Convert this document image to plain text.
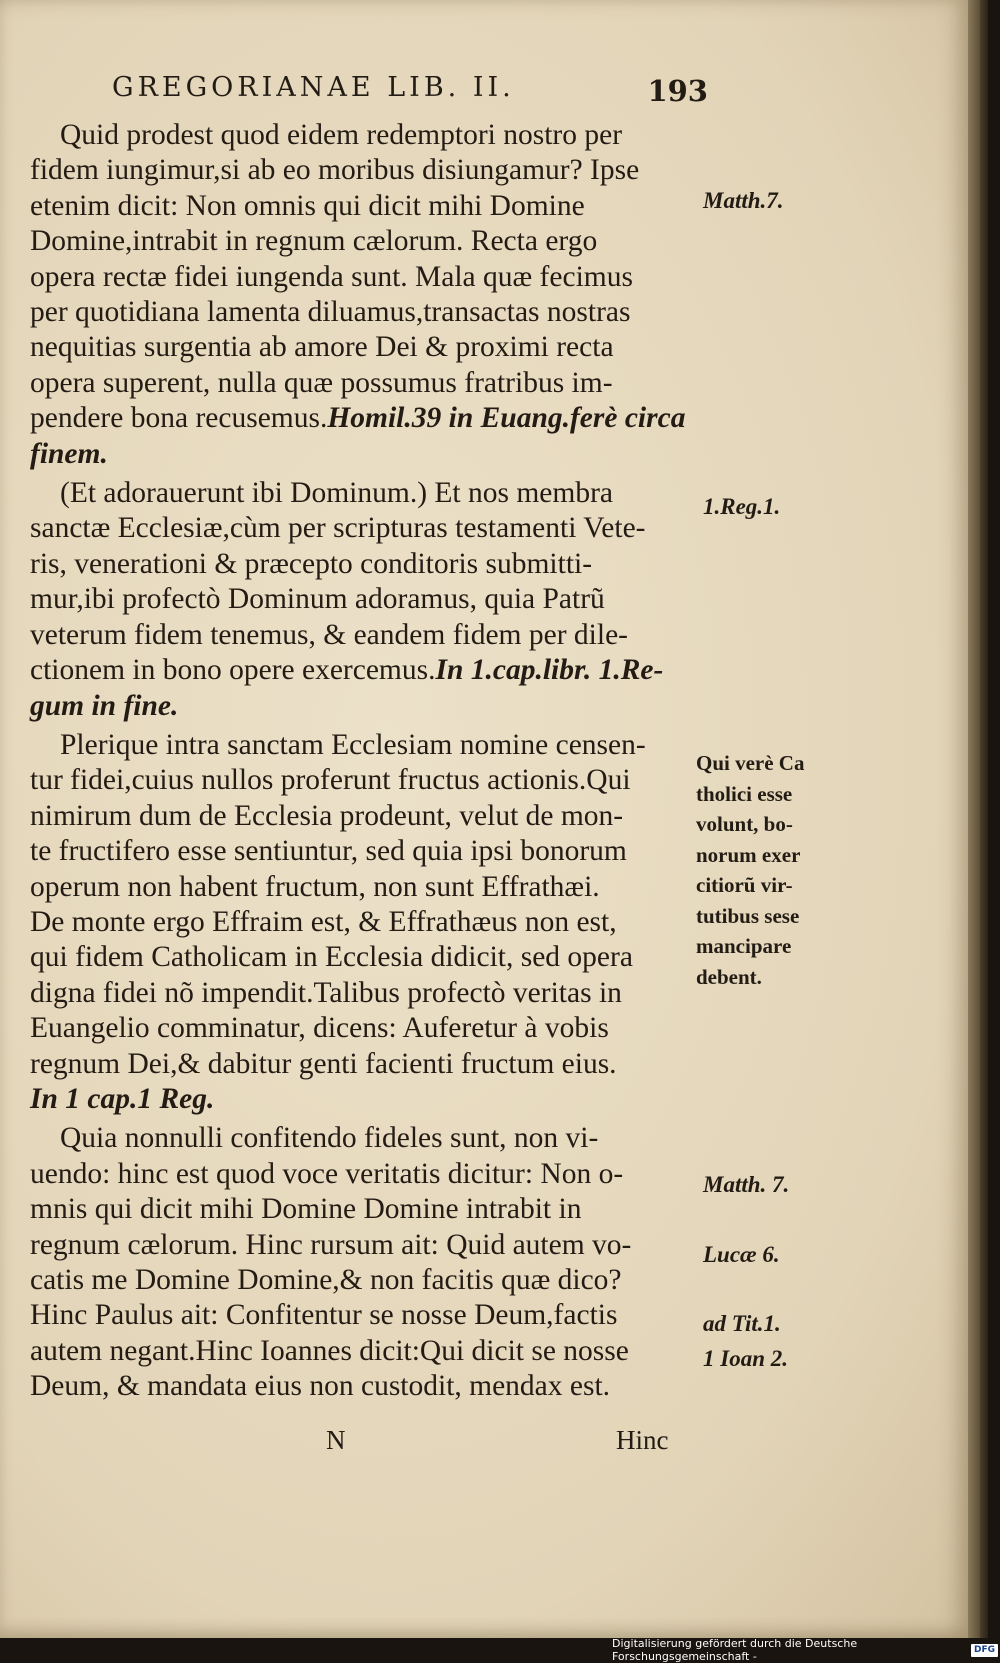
GREGORIANAE LIB. II.	193
Quid prodest quod eidem redemptori nostro per
fidem iungimur,si ab eo moribus disiungamur? Ipse
etenim dicit: Non omnis qui dicit mihi Domine
Domine,intrabit in regnum cælorum. Recta ergo
opera rectæ fidei iungenda sunt. Mala quæ fecimus
per quotidiana lamenta diluamus,transactas nostras
nequitias surgentia ab amore Dei & proximi recta
opera superent, nulla quæ possumus fratribus im-
pendere bona recusemus.Homil.39 in Euang.ferè circa
finem.
(Et adorauerunt ibi Dominum.) Et nos membra
sanctæ Ecclesiæ,cùm per scripturas testamenti Vete-
ris, venerationi & præcepto conditoris submitti-
mur,ibi profectò Dominum adoramus, quia Patrũ
veterum fidem tenemus, & eandem fidem per dile-
ctionem in bono opere exercemus.In 1.cap.libr. 1.Re-
gum in fine.
Plerique intra sanctam Ecclesiam nomine censen-
tur fidei,cuius nullos proferunt fructus actionis.Qui
nimirum dum de Ecclesia prodeunt, velut de mon-
te fructifero esse sentiuntur, sed quia ipsi bonorum
operum non habent fructum, non sunt Effrathæi.
De monte ergo Effraim est, & Effrathæus non est,
qui fidem Catholicam in Ecclesia didicit, sed opera
digna fidei nõ impendit.Talibus profectò veritas in
Euangelio comminatur, dicens: Auferetur à vobis
regnum Dei,& dabitur genti facienti fructum eius.
In 1 cap.1 Reg.
Quia nonnulli confitendo fideles sunt, non vi-
uendo: hinc est quod voce veritatis dicitur: Non o-
mnis qui dicit mihi Domine Domine intrabit in
regnum cælorum. Hinc rursum ait: Quid autem vo-
catis me Domine Domine,& non facitis quæ dico?
Hinc Paulus ait: Confitentur se nosse Deum,factis
autem negant.Hinc Ioannes dicit:Qui dicit se nosse
Deum, & mandata eius non custodit, mendax est.
Matth.7.
1.Reg.1.
Qui verè Ca
tholici esse
volunt, bo-
norum exer
citiorũ vir-
tutibus sese
mancipare
debent.
Matth. 7.
Lucæ 6.
ad Tit.1.
1 Ioan 2.
N	Hinc
Digitalisierung gefördert durch die Deutsche Forschungsgemeinschaft -
DFG
